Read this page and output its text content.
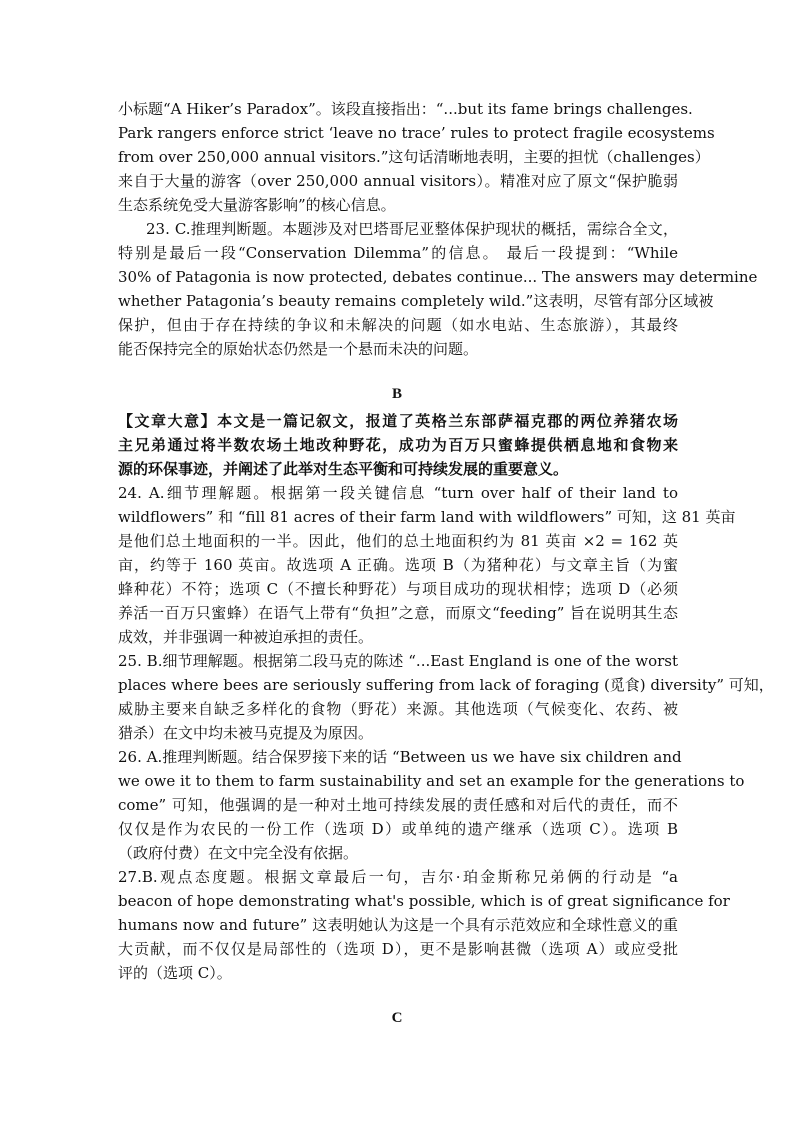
小标题“A Hiker’s Paradox”。该段直接指出：“...but its fame brings challenges.
Park rangers enforce strict ‘leave no trace’ rules to protect fragile ecosystems
from over 250,000 annual visitors.”这句话清晰地表明，主要的担忧（challenges）
来自于大量的游客（over 250,000 annual visitors）。精准对应了原文“保护脆弱
生态系统免受大量游客影响”的核心信息。
23. C.推理判断题。本题涉及对巴塔哥尼亚整体保护现状的概括，需综合全文，
特别是最后一段“Conservation Dilemma”的信息。 最后一段提到：“While
30% of Patagonia is now protected, debates continue... The answers may determine
whether Patagonia’s beauty remains completely wild.”这表明，尽管有部分区域被
保护，但由于存在持续的争议和未解决的问题（如水电站、生态旅游），其最终
能否保持完全的原始状态仍然是一个悬而未决的问题。
B
【文章大意】本文是一篇记叙文，报道了英格兰东部萨福克郡的两位养猪农场
主兄弟通过将半数农场土地改种野花，成功为百万只蜜蜂提供栖息地和食物来
源的环保事迹，并阐述了此举对生态平衡和可持续发展的重要意义。
24. A.细节理解题。根据第一段关键信息 “turn over half of their land to
wildflowers” 和 “fill 81 acres of their farm land with wildflowers” 可知，这 81 英亩
是他们总土地面积的一半。因此，他们的总土地面积约为 81 英亩 ×2 = 162 英
亩，约等于 160 英亩。故选项 A 正确。选项 B（为猪种花）与文章主旨（为蜜
蜂种花）不符；选项 C（不擅长种野花）与项目成功的现状相悖；选项 D（必须
养活一百万只蜜蜂）在语气上带有“负担”之意，而原文“feeding” 旨在说明其生态
成效，并非强调一种被迫承担的责任。
25. B.细节理解题。根据第二段马克的陈述 “...East England is one of the worst
places where bees are seriously suffering from lack of foraging (觅食) diversity” 可知，
威胁主要来自缺乏多样化的食物（野花）来源。其他选项（气候变化、农药、被
猎杀）在文中均未被马克提及为原因。
26. A.推理判断题。结合保罗接下来的话 “Between us we have six children and
we owe it to them to farm sustainability and set an example for the generations to
come” 可知，他强调的是一种对土地可持续发展的责任感和对后代的责任，而不
仅仅是作为农民的一份工作（选项 D）或单纯的遗产继承（选项 C）。选项 B
（政府付费）在文中完全没有依据。
27.B.观点态度题。根据文章最后一句，吉尔·珀金斯称兄弟俩的行动是 “a
beacon of hope demonstrating what's possible, which is of great significance for
humans now and future” 这表明她认为这是一个具有示范效应和全球性意义的重
大贡献，而不仅仅是局部性的（选项 D），更不是影响甚微（选项 A）或应受批
评的（选项 C）。
C
